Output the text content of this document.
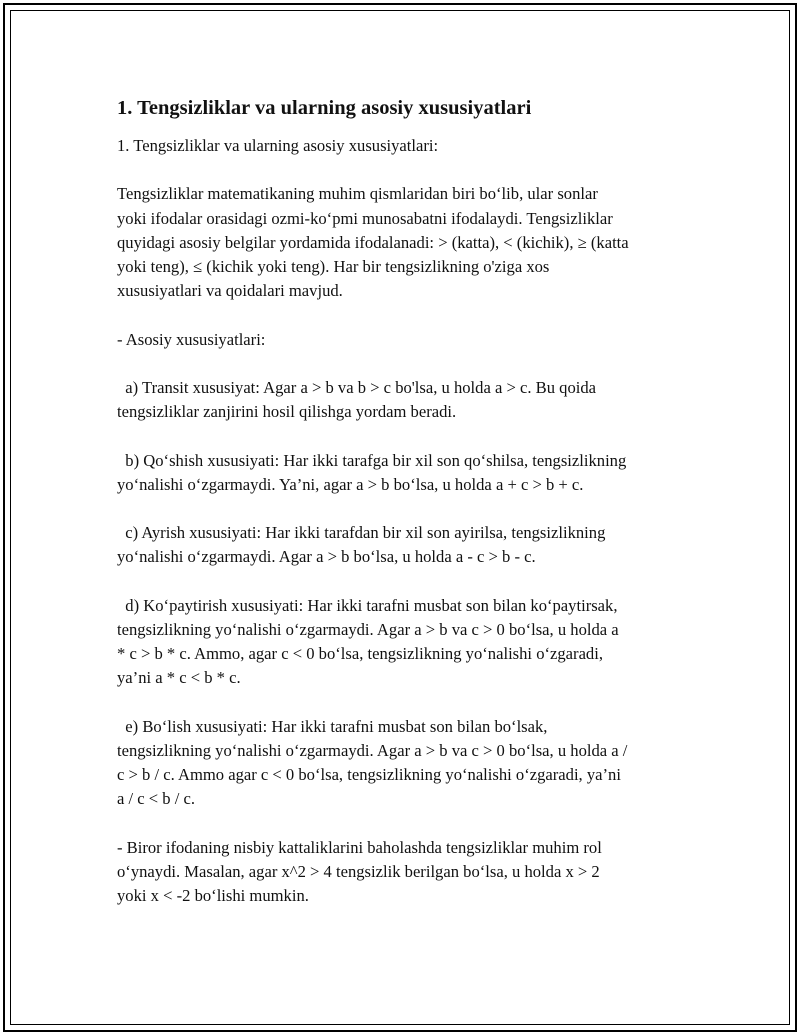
1. Tengsizliklar va ularning asosiy xususiyatlari
1. Tengsizliklar va ularning asosiy xususiyatlari:
Tengsizliklar matematikaning muhim qismlaridan biri bo‘lib, ular sonlar
yoki ifodalar orasidagi ozmi-ko‘pmi munosabatni ifodalaydi. Tengsizliklar
quyidagi asosiy belgilar yordamida ifodalanadi: > (katta), < (kichik), ≥ (katta
yoki teng), ≤ (kichik yoki teng). Har bir tengsizlikning o'ziga xos
xususiyatlari va qoidalari mavjud.
- Asosiy xususiyatlari:
a) Transit xususiyat: Agar a > b va b > c bo'lsa, u holda a > c. Bu qoida
tengsizliklar zanjirini hosil qilishga yordam beradi.
b) Qo‘shish xususiyati: Har ikki tarafga bir xil son qo‘shilsa, tengsizlikning
yo‘nalishi o‘zgarmaydi. Ya’ni, agar a > b bo‘lsa, u holda a + c > b + c.
c) Ayrish xususiyati: Har ikki tarafdan bir xil son ayirilsa, tengsizlikning
yo‘nalishi o‘zgarmaydi. Agar a > b bo‘lsa, u holda a - c > b - c.
d) Ko‘paytirish xususiyati: Har ikki tarafni musbat son bilan ko‘paytirsak,
tengsizlikning yo‘nalishi o‘zgarmaydi. Agar a > b va c > 0 bo‘lsa, u holda a
* c > b * c. Ammo, agar c < 0 bo‘lsa, tengsizlikning yo‘nalishi o‘zgaradi,
ya’ni a * c < b * c.
e) Bo‘lish xususiyati: Har ikki tarafni musbat son bilan bo‘lsak,
tengsizlikning yo‘nalishi o‘zgarmaydi. Agar a > b va c > 0 bo‘lsa, u holda a /
c > b / c. Ammo agar c < 0 bo‘lsa, tengsizlikning yo‘nalishi o‘zgaradi, ya’ni
a / c < b / c.
- Biror ifodaning nisbiy kattaliklarini baholashda tengsizliklar muhim rol
o‘ynaydi. Masalan, agar x^2 > 4 tengsizlik berilgan bo‘lsa, u holda x > 2
yoki x < -2 bo‘lishi mumkin.
